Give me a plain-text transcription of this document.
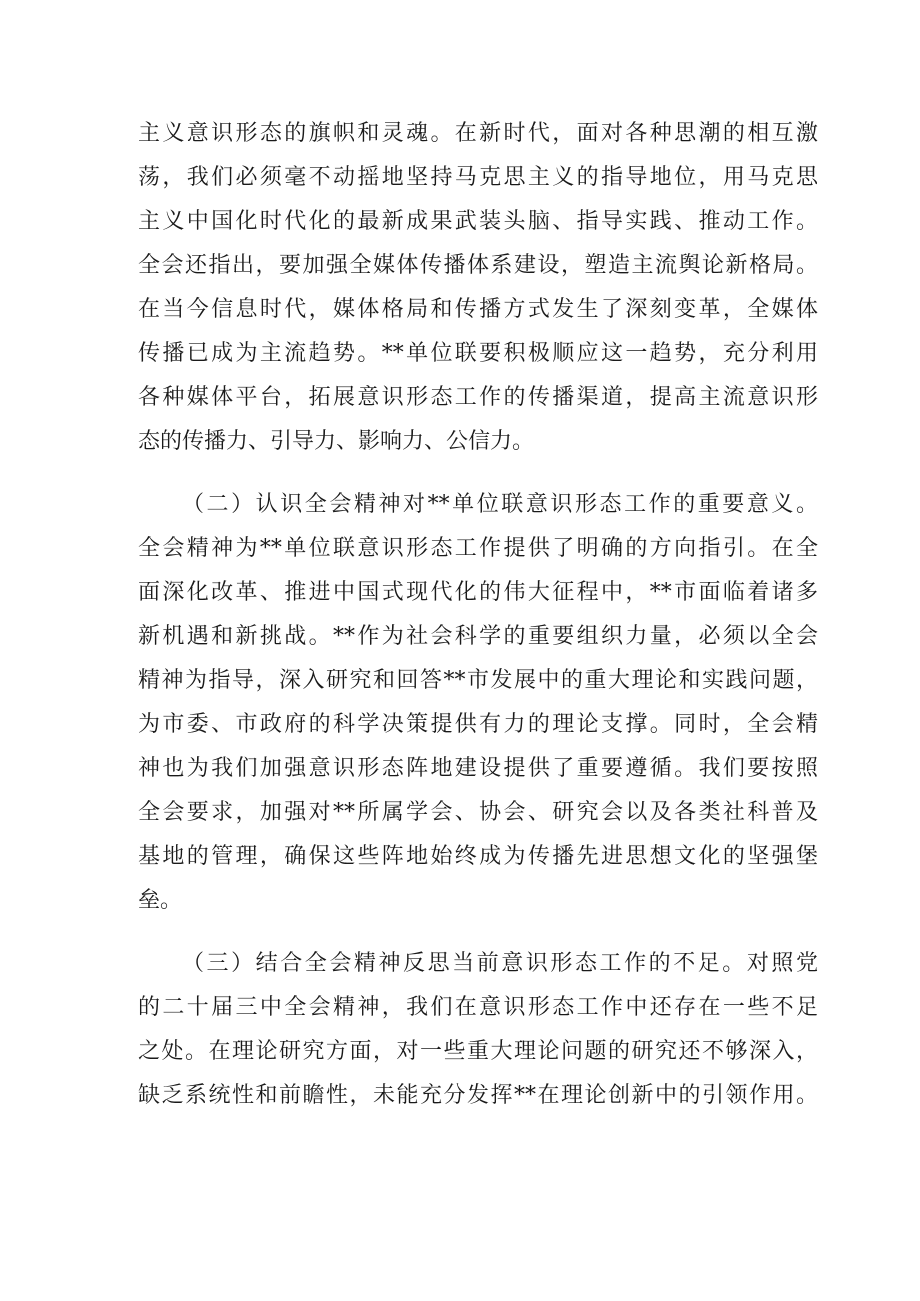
主义意识形态的旗帜和灵魂。在新时代，面对各种思潮的相互激
荡，我们必须毫不动摇地坚持马克思主义的指导地位，用马克思
主义中国化时代化的最新成果武装头脑、指导实践、推动工作。
全会还指出，要加强全媒体传播体系建设，塑造主流舆论新格局。
在当今信息时代，媒体格局和传播方式发生了深刻变革，全媒体
传播已成为主流趋势。**单位联要积极顺应这一趋势，充分利用
各种媒体平台，拓展意识形态工作的传播渠道，提高主流意识形
态的传播力、引导力、影响力、公信力。
（二）认识全会精神对**单位联意识形态工作的重要意义。
全会精神为**单位联意识形态工作提供了明确的方向指引。在全
面深化改革、推进中国式现代化的伟大征程中，**市面临着诸多
新机遇和新挑战。**作为社会科学的重要组织力量，必须以全会
精神为指导，深入研究和回答**市发展中的重大理论和实践问题，
为市委、市政府的科学决策提供有力的理论支撑。同时，全会精
神也为我们加强意识形态阵地建设提供了重要遵循。我们要按照
全会要求，加强对**所属学会、协会、研究会以及各类社科普及
基地的管理，确保这些阵地始终成为传播先进思想文化的坚强堡
垒。
（三）结合全会精神反思当前意识形态工作的不足。对照党
的二十届三中全会精神，我们在意识形态工作中还存在一些不足
之处。在理论研究方面，对一些重大理论问题的研究还不够深入，
缺乏系统性和前瞻性，未能充分发挥**在理论创新中的引领作用。
